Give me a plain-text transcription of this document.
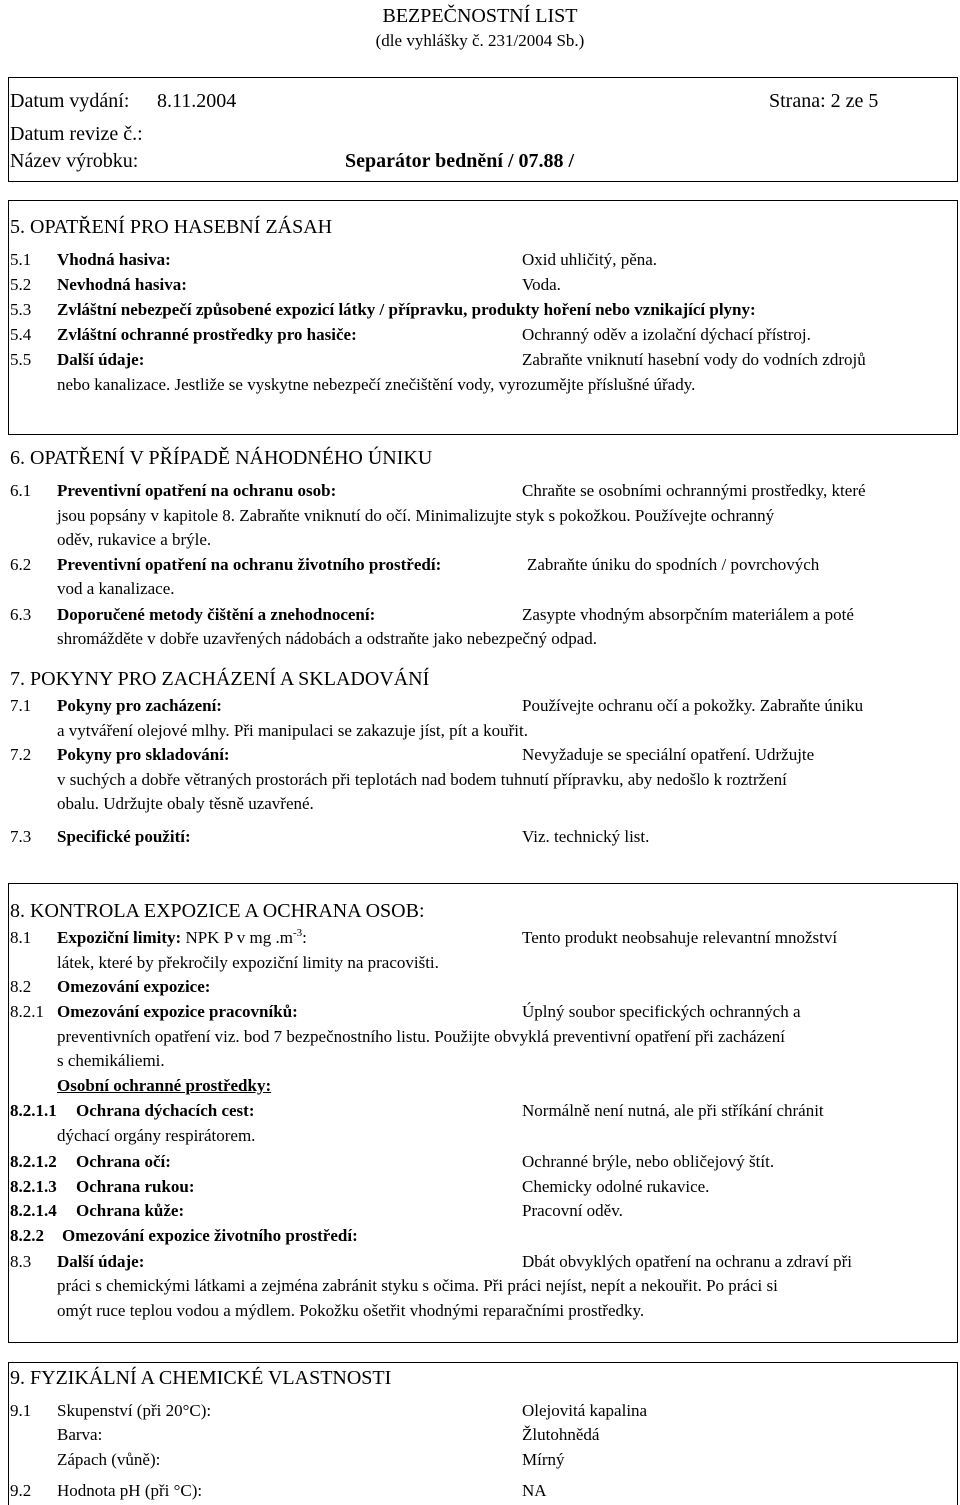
BEZPEČNOSTNÍ LIST
(dle vyhlášky č. 231/2004 Sb.)
Datum vydání: 8.11.2004	Strana: 2 ze 5
Datum revize č.:
Název výrobku:	Separátor bednění / 07.88 /
5. OPATŘENÍ PRO HASEBNÍ ZÁSAH
5.1 Vhodná hasiva:	Oxid uhličitý, pěna.
5.2 Nevhodná hasiva:	Voda.
5.3 Zvláštní nebezpečí způsobené expozicí látky / přípravku, produkty hoření nebo vznikající plyny:
5.4 Zvláštní ochranné prostředky pro hasiče:	Ochranný oděv a izolační dýchací přístroj.
5.5 Další údaje:	Zabraňte vniknutí hasební vody do vodních zdrojů
nebo kanalizace. Jestliže se vyskytne nebezpečí znečištění vody, vyrozumějte příslušné úřady.
6. OPATŘENÍ V PŘÍPADĚ NÁHODNÉHO ÚNIKU
6.1 Preventivní opatření na ochranu osob:	Chraňte se osobními ochrannými prostředky, které
jsou popsány v kapitole 8. Zabraňte vniknutí do očí. Minimalizujte styk s pokožkou. Používejte ochranný
oděv, rukavice a brýle.
6.2 Preventivní opatření na ochranu životního prostředí:	Zabraňte úniku do spodních / povrchových
vod a kanalizace.
6.3 Doporučené metody čištění a znehodnocení:	Zasypte vhodným absorpčním materiálem a poté
shromážděte v dobře uzavřených nádobách a odstraňte jako nebezpečný odpad.
7. POKYNY PRO ZACHÁZENÍ A SKLADOVÁNÍ
7.1 Pokyny pro zacházení:	Používejte ochranu očí a pokožky. Zabraňte úniku
a vytváření olejové mlhy. Při manipulaci se zakazuje jíst, pít a kouřit.
7.2 Pokyny pro skladování:	Nevyžaduje se speciální opatření. Udržujte
v suchých a dobře větraných prostorách při teplotách nad bodem tuhnutí přípravku, aby nedošlo k roztržení
obalu. Udržujte obaly těsně uzavřené.
7.3 Specifické použití:	Viz. technický list.
8. KONTROLA EXPOZICE A OCHRANA OSOB:
8.1 Expoziční limity: NPK P v mg $.m^{-3}$:	Tento produkt neobsahuje relevantní množství
látek, které by překročily expoziční limity na pracovišti.
8.2 Omezování expozice:
8.2.1 Omezování expozice pracovníků:	Úplný soubor specifických ochranných a
preventivních opatření viz. bod 7 bezpečnostního listu. Použijte obvyklá preventivní opatření při zacházení
s chemikáliemi.
Osobní ochranné prostředky:
8.2.1.1 Ochrana dýchacích cest:	Normálně není nutná, ale při stříkání chránit
dýchací orgány respirátorem.
8.2.1.2 Ochrana očí:	Ochranné brýle, nebo obličejový štít.
8.2.1.3 Ochrana rukou:	Chemicky odolné rukavice.
8.2.1.4 Ochrana kůže:	Pracovní oděv.
8.2.2 Omezování expozice životního prostředí:
8.3 Další údaje:	Dbát obvyklých opatření na ochranu a zdraví při
práci s chemickými látkami a zejména zabránit styku s očima. Při práci nejíst, nepít a nekouřit. Po práci si
omýt ruce teplou vodou a mýdlem. Pokožku ošetřit vhodnými reparačními prostředky.
9. FYZIKÁLNÍ A CHEMICKÉ VLASTNOSTI
9.1 Skupenství (při 20°C):	Olejovitá kapalina
Barva:	Žlutohnědá
Zápach (vůně):	Mírný
9.2 Hodnota pH (při °C):	NA
